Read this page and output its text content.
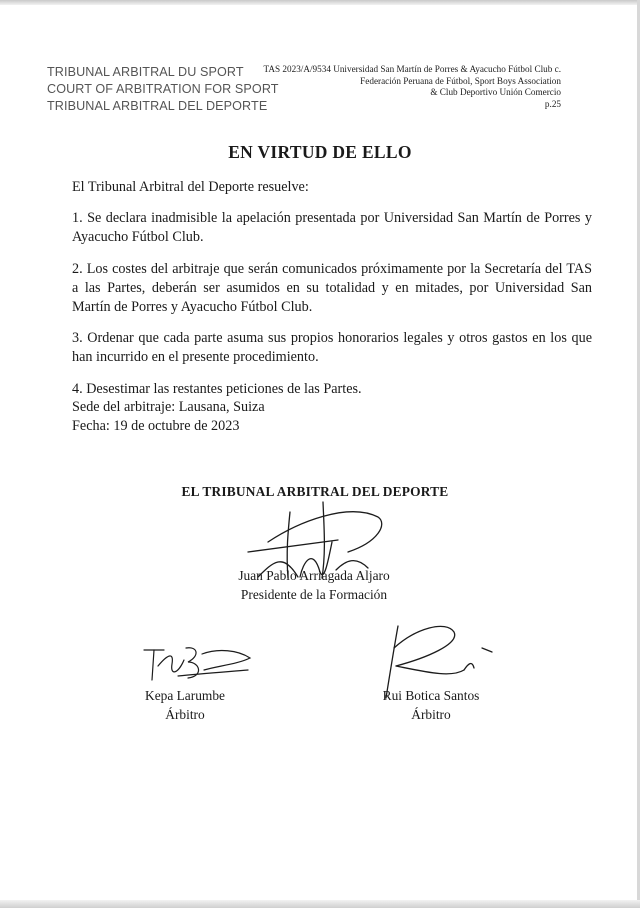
TRIBUNAL ARBITRAL DU SPORT
COURT OF ARBITRATION FOR SPORT
TRIBUNAL ARBITRAL DEL DEPORTE
TAS 2023/A/9534 Universidad San Martín de Porres & Ayacucho Fútbol Club c.
Federación Peruana de Fútbol, Sport Boys Association
& Club Deportivo Unión Comercio
p.25
EN VIRTUD DE ELLO

El Tribunal Arbitral del Deporte resuelve:

1. Se declara inadmisible la apelación presentada por Universidad San Martín de Porres y Ayacucho Fútbol Club.

2. Los costes del arbitraje que serán comunicados próximamente por la Secretaría del TAS a las Partes, deberán ser asumidos en su totalidad y en mitades, por Universidad San Martín de Porres y Ayacucho Fútbol Club.

3. Ordenar que cada parte asuma sus propios honorarios legales y otros gastos en los que han incurrido en el presente procedimiento.

4. Desestimar las restantes peticiones de las Partes.

Sede del arbitraje: Lausana, Suiza
Fecha: 19 de octubre de 2023
EL TRIBUNAL ARBITRAL DEL DEPORTE
Juan Pablo Arriagada Aljaro
Presidente de la Formación
Kepa Larumbe
Árbitro
Rui Botica Santos
Árbitro
